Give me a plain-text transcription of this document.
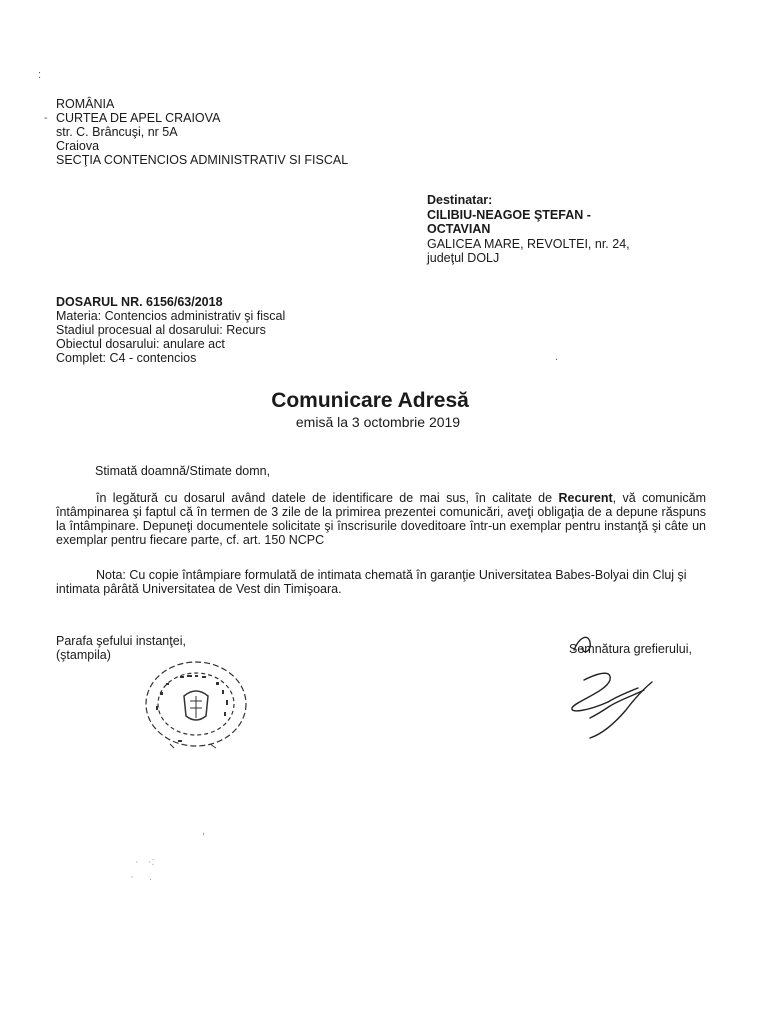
:
ROMÂNIA
CURTEA DE APEL CRAIOVA
str. C. Brâncuşi, nr 5A
Craiova
SECŢIA CONTENCIOS ADMINISTRATIV SI FISCAL
-
Destinatar:
CILIBIU-NEAGOE ŞTEFAN -
OCTAVIAN
GALICEA MARE, REVOLTEI, nr. 24,
judeţul DOLJ
DOSARUL NR. 6156/63/2018
Materia: Contencios administrativ şi fiscal
Stadiul procesual al dosarului: Recurs
Obiectul dosarului: anulare act
Complet: C4 - contencios	.
Comunicare Adresă
emisă la 3 octombrie 2019
Stimată doamnă/Stimate domn,
în legătură cu dosarul având datele de identificare de mai sus, în calitate de Recurent, vă comunicăm întâmpinarea şi faptul că în termen de 3 zile de la primirea prezentei comunicări, aveţi obligaţia de a depune răspuns la întâmpinare. Depuneţi documentele solicitate şi înscrisurile doveditoare într-un exemplar pentru instanţă şi câte un exemplar pentru fiecare parte, cf. art. 150 NCPC
Nota: Cu copie întâmpiare formulată de intimata chemată în garanţie Universitatea Babes-Bolyai din Cluj şi intimata pârâtă Universitatea de Vest din Timişoara.
Parafa şefului instanţei,
(ştampila)	Semnătura grefierului,
,
·   ·:
·     .
